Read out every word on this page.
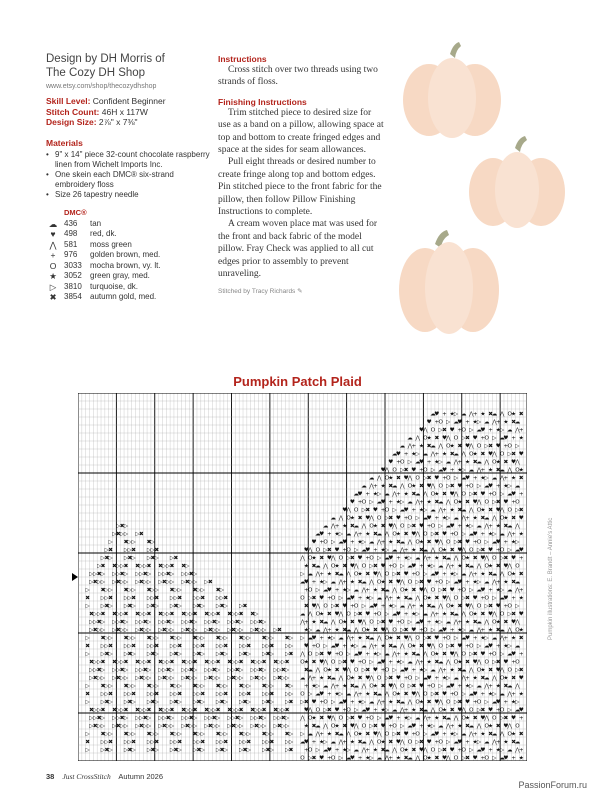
Design by DH Morris of
The Cozy DH Shop
www.etsy.com/shop/thecozydhshop
Skill Level: Confident Beginner
Stitch Count: 46H x 117W
Design Size: 2⅞" x 7⅜"
Materials
• 9" x 14" piece 32-count chocolate raspberry linen from Wichelt Imports Inc.
• One skein each DMC® six-strand embroidery floss
• Size 26 tapestry needle
DMC®
☁ 436	tan
♥	498	red, dk.
⋀ 581	moss green
+	976	golden brown, med.
O 3033	mocha brown, vy. lt.
★ 3052	green gray, med.
▷ 3810	turquoise, dk.
✖ 3854	autumn gold, med.
Instructions

Cross stitch over two threads using two strands of floss.

Finishing Instructions

Trim stitched piece to desired size for use as a band on a pillow, allowing space at top and bottom to create fringed edges and space at the sides for seam allowances.

Pull eight threads or desired number to create fringe along top and bottom edges. Pin stitched piece to the front fabric for the pillow, then follow Pillow Finishing Instructions to complete.

A cream woven place mat was used for the front and back fabric of the model pillow. Fray Check was applied to all cut edges prior to assembly to prevent unraveling.

Stitched by Tracy Richards ✎
Pumpkin Patch Plaid
☁
♥ + ★ ▷ ☁ ⋀ + ★ ✖
☁ ⋀ O ★ ✖
♥ + O ▷ ☁
♥ + ★ ▷ ☁ ⋀ + ★ ✖
☁
♥ ⋀ O ▷ ✖ ♥ + O ▷ ☁
♥ + ★ ▷ ☁ ⋀ +
☁ ⋀ O ★ ✖ ♥ ⋀ O ▷ ✖ ♥ + O ▷ ☁
♥ + ★
☁ ⋀ + ★ ✖
☁ ⋀ O ★ ✖ ♥ ⋀ O ▷ ✖ ♥ + O ▷
☁
♥ + ★ ▷ ☁ ⋀ + ★ ✖
☁ ⋀ O ★ ✖ ♥ ⋀ O ▷ ✖ ♥
♥ + O ▷ ☁
♥ + ★ ▷ ☁ ⋀ + ★ ✖
☁ ⋀ O ★ ✖ ♥ ⋀
♥ ⋀ O ▷ ✖ ♥ + O ▷ ☁
♥ + ★ ▷ ☁ ⋀ + ★ ✖
☁ ⋀ O ★
☁ ⋀ O ★ ✖ ♥ ⋀ O ▷ ✖ ♥ + O ▷ ☁
♥ + ★ ▷ ☁ ⋀ + ★ ✖
☁ ⋀ + ★ ✖
☁ ⋀ O ★ ✖ ♥ ⋀ O ▷ ✖ ♥ + O ▷ ☁
♥ + ★ ▷ ☁
☁
♥ + ★ ▷ ☁ ⋀ + ★ ✖
☁ ⋀ O ★ ✖ ♥ ⋀ O ▷ ✖ ♥ + O ▷ ☁
♥ +
♥ + O ▷ ☁
♥ + ★ ▷ ☁ ⋀ + ★ ✖
☁ ⋀ O ★ ✖ ♥ ⋀ O ▷ ✖ ♥ + O
♥ ⋀ O ▷ ✖ ♥ + O ▷ ☁
♥ + ★ ▷ ☁ ⋀ + ★ ✖
☁ ⋀ O ★ ✖ ♥ ⋀ O ▷ ✖
☁ ⋀ O ★ ✖ ♥ ⋀ O ▷ ✖ ♥ + O ▷ ☁
♥ + ★ ▷ ☁ ⋀ + ★ ✖
☁ ⋀ O ★ ✖ ♥
☁ ⋀ + ★ ✖
☁ ⋀ O ★ ✖ ♥ ⋀ O ▷ ✖ ♥ + O ▷ ☁
♥ + ★ ▷ ☁ ⋀ + ★ ✖
☁ ⋀
☁
♥ + ★ ▷ ☁ ⋀ + ★ ✖
☁ ⋀ O ★ ✖ ♥ ⋀ O ▷ ✖ ♥ + O ▷ ☁
♥ + ★ ▷ ☁ ⋀ + ★
♥ + O ▷ ☁
♥ + ★ ▷ ☁ ⋀ + ★ ✖
☁ ⋀ O ★ ✖ ♥ ⋀ O ▷ ✖ ♥ + O ▷ ☁
♥ + ★ ▷
♥ ⋀ O ▷ ✖ ♥ + O ▷ ☁
♥ + ★ ▷ ☁ ⋀ + ★ ✖
☁ ⋀ O ★ ✖ ♥ ⋀ O ▷ ✖ ♥ + O ▷ ☁
♥
⋀ O ★ ✖ ♥ ⋀ O ▷ ✖ ♥ + O ▷ ☁
♥ + ★ ▷ ☁ ⋀ + ★ ✖
☁ ⋀ O ★ ✖ ♥ ⋀ O ▷ ✖ ♥ +
★ ✖
☁ ⋀ O ★ ✖ ♥ ⋀ O ▷ ✖ ♥ + O ▷ ☁
♥ + ★ ▷ ☁ ⋀ + ★ ✖
☁ ⋀ O ★ ✖ ♥ ⋀ O
▷ ☁ ⋀ + ★ ✖
☁ ⋀ O ★ ✖ ♥ ⋀ O ▷ ✖ ♥ + O ▷ ☁
♥ + ★ ▷ ☁ ⋀ + ★ ✖
☁ ⋀ O ★ ✖
☁
♥ + ★ ▷ ☁ ⋀ + ★ ✖
☁ ⋀ O ★ ✖ ♥ ⋀ O ▷ ✖ ♥ + O ▷ ☁
♥ + ★ ▷ ☁ ⋀ + ★ ✖
☁
+ O ▷ ☁
♥ + ★ ▷ ☁ ⋀ + ★ ✖
☁ ⋀ O ★ ✖ ♥ ⋀ O ▷ ✖ ♥ + O ▷ ☁
♥ + ★ ▷ ☁ ⋀ +
O ▷ ✖ ♥ + O ▷ ☁
♥ + ★ ▷ ☁ ⋀ + ★ ✖
☁ ⋀ O ★ ✖ ♥ ⋀ O ▷ ✖ ♥ + O ▷ ☁
♥ + ★
✖ ♥ ⋀ O ▷ ✖ ♥ + O ▷ ☁
♥ + ★ ▷ ☁ ⋀ + ★ ✖
☁ ⋀ O ★ ✖ ♥ ⋀ O ▷ ✖ ♥ + O ▷
☁ ⋀ O ★ ✖ ♥ ⋀ O ▷ ✖ ♥ + O ▷ ☁
♥ + ★ ▷ ☁ ⋀ + ★ ✖
☁ ⋀ O ★ ✖ ♥ ⋀ O ▷ ✖ ♥
⋀ + ★ ✖
☁ ⋀ O ★ ✖ ♥ ⋀ O ▷ ✖ ♥ + O ▷ ☁
♥ + ★ ▷ ☁ ⋀ + ★ ✖
☁ ⋀ O ★ ✖ ♥ ⋀
★ ▷ ☁ ⋀ + ★ ✖
☁ ⋀ O ★ ✖ ♥ ⋀ O ▷ ✖ ♥ + O ▷ ☁
♥ + ★ ▷ ☁ ⋀ + ★ ✖
☁ ⋀ O ★
▷ ☁
♥ + ★ ▷ ☁ ⋀ + ★ ✖
☁ ⋀ O ★ ✖ ♥ ⋀ O ▷ ✖ ♥ + O ▷ ☁
♥ + ★ ▷ ☁ ⋀ + ★ ✖
♥ + O ▷ ☁
♥ + ★ ▷ ☁ ⋀ + ★ ✖
☁ ⋀ O ★ ✖ ♥ ⋀ O ▷ ✖ ♥ + O ▷ ☁
♥ + ★ ▷ ☁
⋀ O ▷ ✖ ♥ + O ▷ ☁
♥ + ★ ▷ ☁ ⋀ + ★ ✖
☁ ⋀ O ★ ✖ ♥ ⋀ O ▷ ✖ ♥ + O ▷ ☁
♥ +
O ★ ✖ ♥ ⋀ O ▷ ✖ ♥ + O ▷ ☁
♥ + ★ ▷ ☁ ⋀ + ★ ✖
☁ ⋀ O ★ ✖ ♥ ⋀ O ▷ ✖ ♥ + O
✖
☁ ⋀ O ★ ✖ ♥ ⋀ O ▷ ✖ ♥ + O ▷ ☁
♥ + ★ ▷ ☁ ⋀ + ★ ✖
☁ ⋀ O ★ ✖ ♥ ⋀ O ▷ ✖
☁ ⋀ + ★ ✖
☁ ⋀ O ★ ✖ ♥ ⋀ O ▷ ✖ ♥ + O ▷ ☁
♥ + ★ ▷ ☁ ⋀ + ★ ✖
☁ ⋀ O ★ ✖ ♥
+ ★ ▷ ☁ ⋀ + ★ ✖
☁ ⋀ O ★ ✖ ♥ ⋀ O ▷ ✖ ♥ + O ▷ ☁
♥ + ★ ▷ ☁ ⋀ + ★ ✖
☁ ⋀
O ▷ ☁
♥ + ★ ▷ ☁ ⋀ + ★ ✖
☁ ⋀ O ★ ✖ ♥ ⋀ O ▷ ✖ ♥ + O ▷ ☁
♥ + ★ ▷ ☁ ⋀ + ★
▷ ✖ ♥ + O ▷ ☁
♥ + ★ ▷ ☁ ⋀ + ★ ✖
☁ ⋀ O ★ ✖ ♥ ⋀ O ▷ ✖ ♥ + O ▷ ☁
♥ + ★ ▷
♥ ⋀ O ▷ ✖ ♥ + O ▷ ☁
♥ + ★ ▷ ☁ ⋀ + ★ ✖
☁ ⋀ O ★ ✖ ♥ ⋀ O ▷ ✖ ♥ + O ▷ ☁
♥
⋀ O ★ ✖ ♥ ⋀ O ▷ ✖ ♥ + O ▷ ☁
♥ + ★ ▷ ☁ ⋀ + ★ ✖
☁ ⋀ O ★ ✖ ♥ ⋀ O ▷ ✖ ♥ +
★ ✖
☁ ⋀ O ★ ✖ ♥ ⋀ O ▷ ✖ ♥ + O ▷ ☁
♥ + ★ ▷ ☁ ⋀ + ★ ✖
☁ ⋀ O ★ ✖ ♥ ⋀ O
▷ ☁ ⋀ + ★ ✖
☁ ⋀ O ★ ✖ ♥ ⋀ O ▷ ✖ ♥ + O ▷ ☁
♥ + ★ ▷ ☁ ⋀ + ★ ✖
☁ ⋀ O ★ ✖
☁
♥ + ★ ▷ ☁ ⋀ + ★ ✖
☁ ⋀ O ★ ✖ ♥ ⋀ O ▷ ✖ ♥ + O ▷ ☁
♥ + ★ ▷ ☁ ⋀ + ★ ✖
☁
+ O ▷ ☁
♥ + ★ ▷ ☁ ⋀ + ★ ✖
☁ ⋀ O ★ ✖ ♥ ⋀ O ▷ ✖ ♥ + O ▷ ☁
♥ + ★ ▷ ☁ ⋀ +
O ▷ ✖ ♥ + O ▷ ☁
♥ + ★ ▷ ☁ ⋀ + ★ ✖
☁ ⋀ O ★ ✖ ♥ ⋀ O ▷ ✖ ♥ + O ▷ ☁
♥ + ★
▷ ✖ ▷
▷ ✖ ▷ ▷ ▷ ✖
▷ ✖ ▷ ▷ ✖ ▷
▷ ✖ ▷ ▷ ✖ ▷ ▷ ✖
▷ ✖ ▷ ▷ ✖ ▷ ▷ ✖ ▷ ▷ ✖
▷ ✖ ✖ ▷ ▷ ✖ ✖ ▷ ▷ ✖ ✖ ▷ ▷ ✖ ✖ ▷
▷ ▷ ✖ ▷ ▷ ▷ ✖ ▷ ▷ ▷ ✖ ▷ ▷ ▷ ✖ ▷ ▷ ▷ ✖ ▷
▷ ✖ ▷ ▷ ▷ ✖ ▷ ▷ ▷ ✖ ▷ ▷ ▷ ✖ ▷ ▷ ▷ ✖ ▷ ▷ ▷ ✖
▷ ✖ ▷ ▷ ✖ ▷ ▷ ✖ ▷ ▷ ✖ ▷ ▷ ✖ ▷ ▷ ✖ ▷
✖ ▷ ▷ ✖ ▷ ▷ ✖ ▷ ▷ ✖ ▷ ▷ ✖ ▷ ▷ ✖ ▷ ▷ ✖
▷ ▷ ✖ ▷ ▷ ✖ ▷ ▷ ✖ ▷ ▷ ✖ ▷ ▷ ✖ ▷ ▷ ✖ ▷ ▷ ✖
✖ ▷ ▷ ✖ ✖ ▷ ▷ ✖ ✖ ▷ ▷ ✖ ✖ ▷ ▷ ✖ ✖ ▷ ▷ ✖ ✖ ▷ ▷ ✖ ✖ ▷ ▷ ✖ ✖ ▷
▷ ▷ ✖ ▷ ▷ ▷ ✖ ▷ ▷ ▷ ✖ ▷ ▷ ▷ ✖ ▷ ▷ ▷ ✖ ▷ ▷ ▷ ✖ ▷ ▷ ▷ ✖ ▷ ▷ ▷ ✖ ▷
▷ ✖ ▷ ▷ ▷ ✖ ▷ ▷ ▷ ✖ ▷ ▷ ▷ ✖ ▷ ▷ ▷ ✖ ▷ ▷ ▷ ✖ ▷ ▷ ▷ ✖ ▷ ▷ ▷ ✖ ▷ ▷ ▷ ✖
▷ ✖ ▷ ▷ ✖ ▷ ▷ ✖ ▷ ▷ ✖ ▷ ▷ ✖ ▷ ▷ ✖ ▷ ▷ ✖ ▷ ▷ ✖ ▷ ▷ ✖ ▷
✖ ▷ ▷ ✖ ▷ ▷ ✖ ▷ ▷ ✖ ▷ ▷ ✖ ▷ ▷ ✖ ▷ ▷ ✖ ▷ ▷ ✖ ▷ ▷ ✖ ▷ ▷
▷ ▷ ✖ ▷ ▷ ✖ ▷ ▷ ✖ ▷ ▷ ✖ ▷ ▷ ✖ ▷ ▷ ✖ ▷ ▷ ✖ ▷ ▷ ✖ ▷ ▷ ✖
✖ ▷ ▷ ✖ ✖ ▷ ▷ ✖ ✖ ▷ ▷ ✖ ✖ ▷ ▷ ✖ ✖ ▷ ▷ ✖ ✖ ▷ ▷ ✖ ✖ ▷ ▷ ✖ ✖ ▷ ▷ ✖ ✖ ▷ ▷ ✖
▷ ▷ ✖ ▷ ▷ ▷ ✖ ▷ ▷ ▷ ✖ ▷ ▷ ▷ ✖ ▷ ▷ ▷ ✖ ▷ ▷ ▷ ✖ ▷ ▷ ▷ ✖ ▷ ▷ ▷ ✖ ▷ ▷ ▷ ✖ ▷
▷ ✖ ▷ ▷ ▷ ✖ ▷ ▷ ▷ ✖ ▷ ▷ ▷ ✖ ▷ ▷ ▷ ✖ ▷ ▷ ▷ ✖ ▷ ▷ ▷ ✖ ▷ ▷ ▷ ✖ ▷ ▷ ▷ ✖ ▷ ▷
▷ ✖ ▷ ▷ ✖ ▷ ▷ ✖ ▷ ▷ ✖ ▷ ▷ ✖ ▷ ▷ ✖ ▷ ▷ ✖ ▷ ▷ ✖ ▷ ▷ ✖ ▷
✖ ▷ ▷ ✖ ▷ ▷ ✖ ▷ ▷ ✖ ▷ ▷ ✖ ▷ ▷ ✖ ▷ ▷ ✖ ▷ ▷ ✖ ▷ ▷ ✖ ▷ ▷
▷ ▷ ✖ ▷ ▷ ✖ ▷ ▷ ✖ ▷ ▷ ✖ ▷ ▷ ✖ ▷ ▷ ✖ ▷ ▷ ✖ ▷ ▷ ✖ ▷ ▷ ✖
✖ ▷ ▷ ✖ ✖ ▷ ▷ ✖ ✖ ▷ ▷ ✖ ✖ ▷ ▷ ✖ ✖ ▷ ▷ ✖ ✖ ▷ ▷ ✖ ✖ ▷ ▷ ✖ ✖ ▷ ▷ ✖ ✖ ▷ ▷ ✖
▷ ▷ ✖ ▷ ▷ ▷ ✖ ▷ ▷ ▷ ✖ ▷ ▷ ▷ ✖ ▷ ▷ ▷ ✖ ▷ ▷ ▷ ✖ ▷ ▷ ▷ ✖ ▷ ▷ ▷ ✖ ▷ ▷ ▷ ✖ ▷
▷ ✖ ▷ ▷ ▷ ✖ ▷ ▷ ▷ ✖ ▷ ▷ ▷ ✖ ▷ ▷ ▷ ✖ ▷ ▷ ▷ ✖ ▷ ▷ ▷ ✖ ▷ ▷ ▷ ✖ ▷ ▷ ▷ ✖ ▷ ▷
▷ ✖ ▷ ▷ ✖ ▷ ▷ ✖ ▷ ▷ ✖ ▷ ▷ ✖ ▷ ▷ ✖ ▷ ▷ ✖ ▷ ▷ ✖ ▷ ▷ ✖ ▷
✖ ▷ ▷ ✖ ▷ ▷ ✖ ▷ ▷ ✖ ▷ ▷ ✖ ▷ ▷ ✖ ▷ ▷ ✖ ▷ ▷ ✖ ▷ ▷ ✖ ▷ ▷
▷ ▷ ✖ ▷ ▷ ✖ ▷ ▷ ✖ ▷ ▷ ✖ ▷ ▷ ✖ ▷ ▷ ✖ ▷ ▷ ✖ ▷ ▷ ✖ ▷ ▷ ✖
Pumpkin illustrations: E. Brandt – Annie's Attic
38 Just CrossStitch Autumn 2026
PassionForum.ru
